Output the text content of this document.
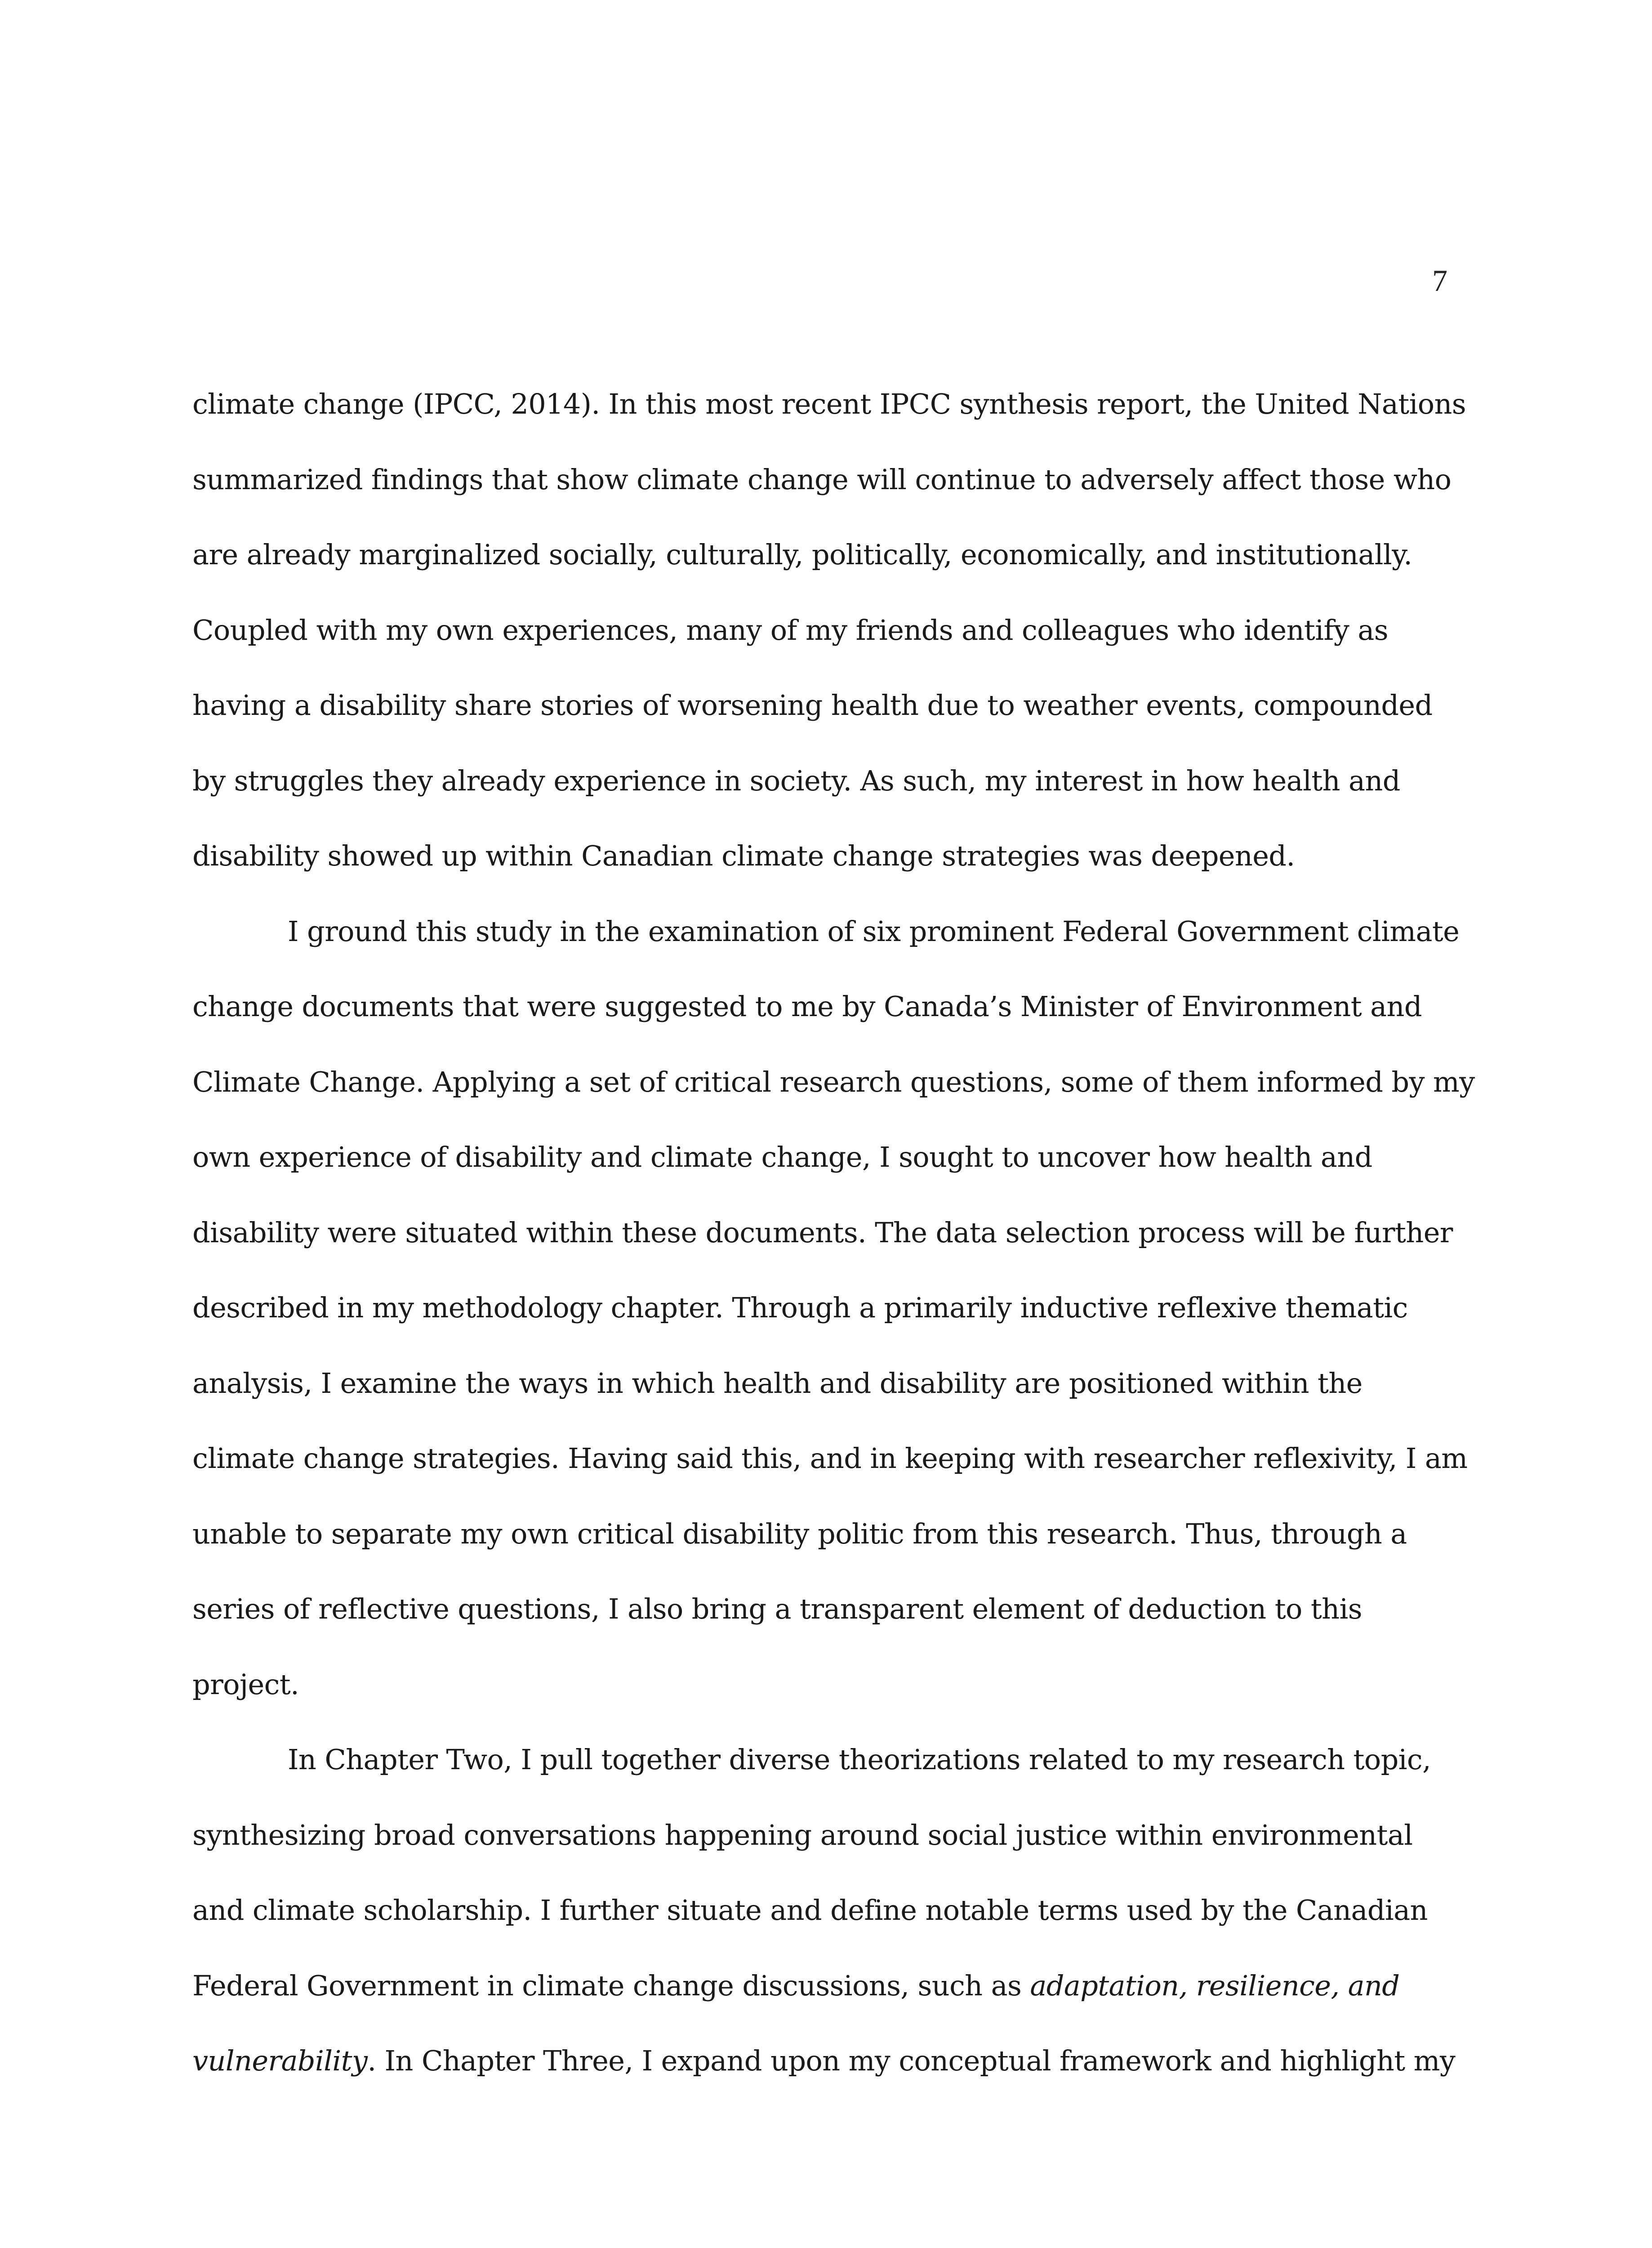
7
climate change (IPCC, 2014). In this most recent IPCC synthesis report, the United Nations
summarized findings that show climate change will continue to adversely affect those who
are already marginalized socially, culturally, politically, economically, and institutionally.
Coupled with my own experiences, many of my friends and colleagues who identify as
having a disability share stories of worsening health due to weather events, compounded
by struggles they already experience in society. As such, my interest in how health and
disability showed up within Canadian climate change strategies was deepened.
I ground this study in the examination of six prominent Federal Government climate
change documents that were suggested to me by Canada’s Minister of Environment and
Climate Change. Applying a set of critical research questions, some of them informed by my
own experience of disability and climate change, I sought to uncover how health and
disability were situated within these documents. The data selection process will be further
described in my methodology chapter. Through a primarily inductive reflexive thematic
analysis, I examine the ways in which health and disability are positioned within the
climate change strategies. Having said this, and in keeping with researcher reflexivity, I am
unable to separate my own critical disability politic from this research. Thus, through a
series of reflective questions, I also bring a transparent element of deduction to this
project.
In Chapter Two, I pull together diverse theorizations related to my research topic,
synthesizing broad conversations happening around social justice within environmental
and climate scholarship. I further situate and define notable terms used by the Canadian
Federal Government in climate change discussions, such as adaptation, resilience, and
vulnerability. In Chapter Three, I expand upon my conceptual framework and highlight my
